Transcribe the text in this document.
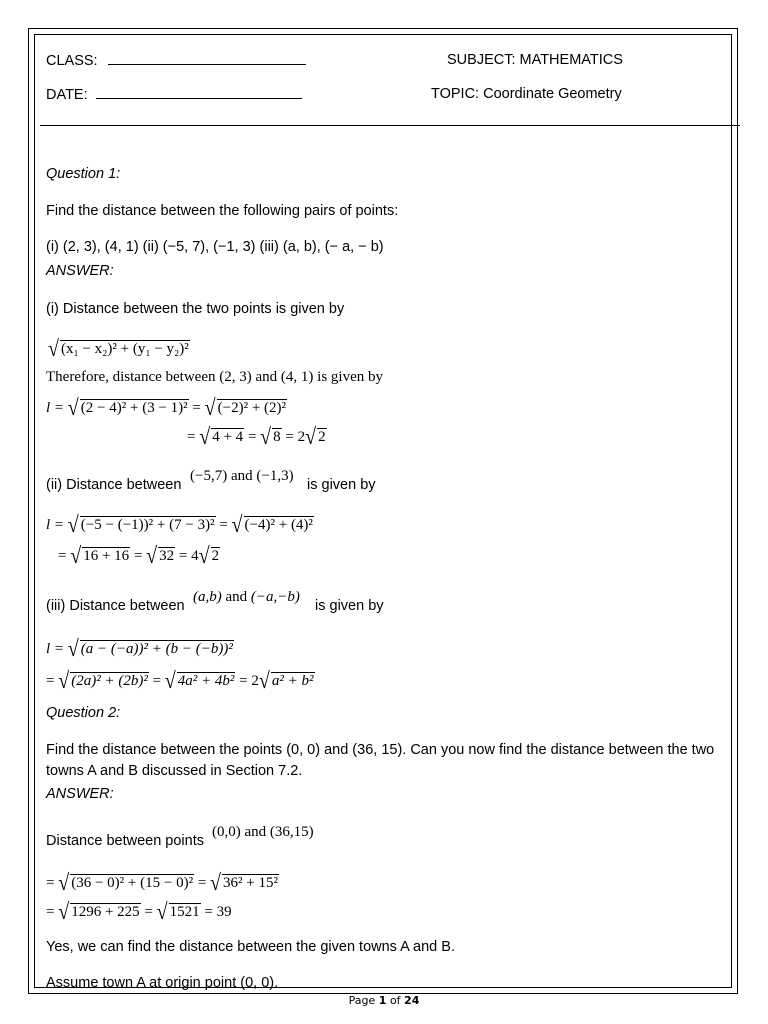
CLASS:	SUBJECT: MATHEMATICS
DATE:	TOPIC: Coordinate Geometry
Question 1:
Find the distance between the following pairs of points:
(i) (2, 3), (4, 1) (ii) (−5, 7), (−1, 3) (iii) (a, b), (− a, − b)
ANSWER:
(i) Distance between the two points is given by
√ (x₁ − x₂)² + (y₁ − y₂)²
Therefore, distance between (2, 3) and (4, 1) is given by
l = √ (2 − 4)² + (3 − 1)² = √ (−2)² + (2)²
= √ 4 + 4 = √ 8 = 2 √ 2
(ii) Distance between
(−5,7) and (−1,3)
is given by
l = √ (−5 − (−1))² + (7 − 3)² = √ (−4)² + (4)²
= √ 16 + 16 = √ 32 = 4 √ 2
(iii) Distance between
(a,b) and (−a,−b)
is given by
l = √ (a − (−a))² + (b − (−b))²
= √ (2a)² + (2b)² = √ 4a² + 4b² = 2 √ a² + b²
Question 2:
Find the distance between the points (0, 0) and (36, 15). Can you now find the distance between the two
towns A and B discussed in Section 7.2.
ANSWER:
Distance between points
(0,0) and (36,15)
= √ (36 − 0)² + (15 − 0)² = √ 36² + 15²
= √ 1296 + 225 = √ 1521 = 39
Yes, we can find the distance between the given towns A and B.
Assume town A at origin point (0, 0).
Page 1 of 24
